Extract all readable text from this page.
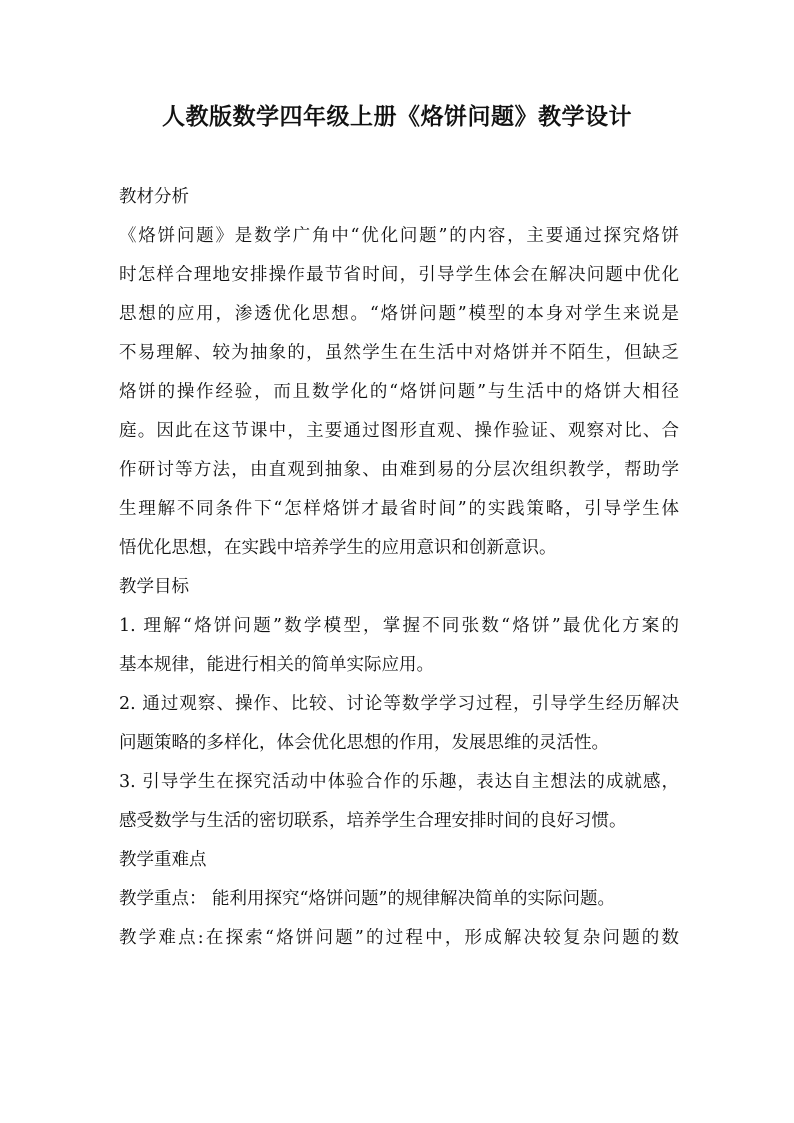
人教版数学四年级上册《烙饼问题》教学设计
教材分析
《烙饼问题》是数学广角中“优化问题”的内容，主要通过探究烙饼
时怎样合理地安排操作最节省时间，引导学生体会在解决问题中优化
思想的应用，渗透优化思想。“烙饼问题”模型的本身对学生来说是
不易理解、较为抽象的，虽然学生在生活中对烙饼并不陌生，但缺乏
烙饼的操作经验，而且数学化的“烙饼问题”与生活中的烙饼大相径
庭。因此在这节课中，主要通过图形直观、操作验证、观察对比、合
作研讨等方法，由直观到抽象、由难到易的分层次组织教学，帮助学
生理解不同条件下“怎样烙饼才最省时间”的实践策略，引导学生体
悟优化思想，在实践中培养学生的应用意识和创新意识。
教学目标
1. 理解“烙饼问题”数学模型，掌握不同张数“烙饼”最优化方案的
基本规律，能进行相关的简单实际应用。
2. 通过观察、操作、比较、讨论等数学学习过程，引导学生经历解决
问题策略的多样化，体会优化思想的作用，发展思维的灵活性。
3. 引导学生在探究活动中体验合作的乐趣，表达自主想法的成就感，
感受数学与生活的密切联系，培养学生合理安排时间的良好习惯。
教学重难点
教学重点： 能利用探究“烙饼问题”的规律解决简单的实际问题。
教学难点:在探索“烙饼问题”的过程中，形成解决较复杂问题的数
